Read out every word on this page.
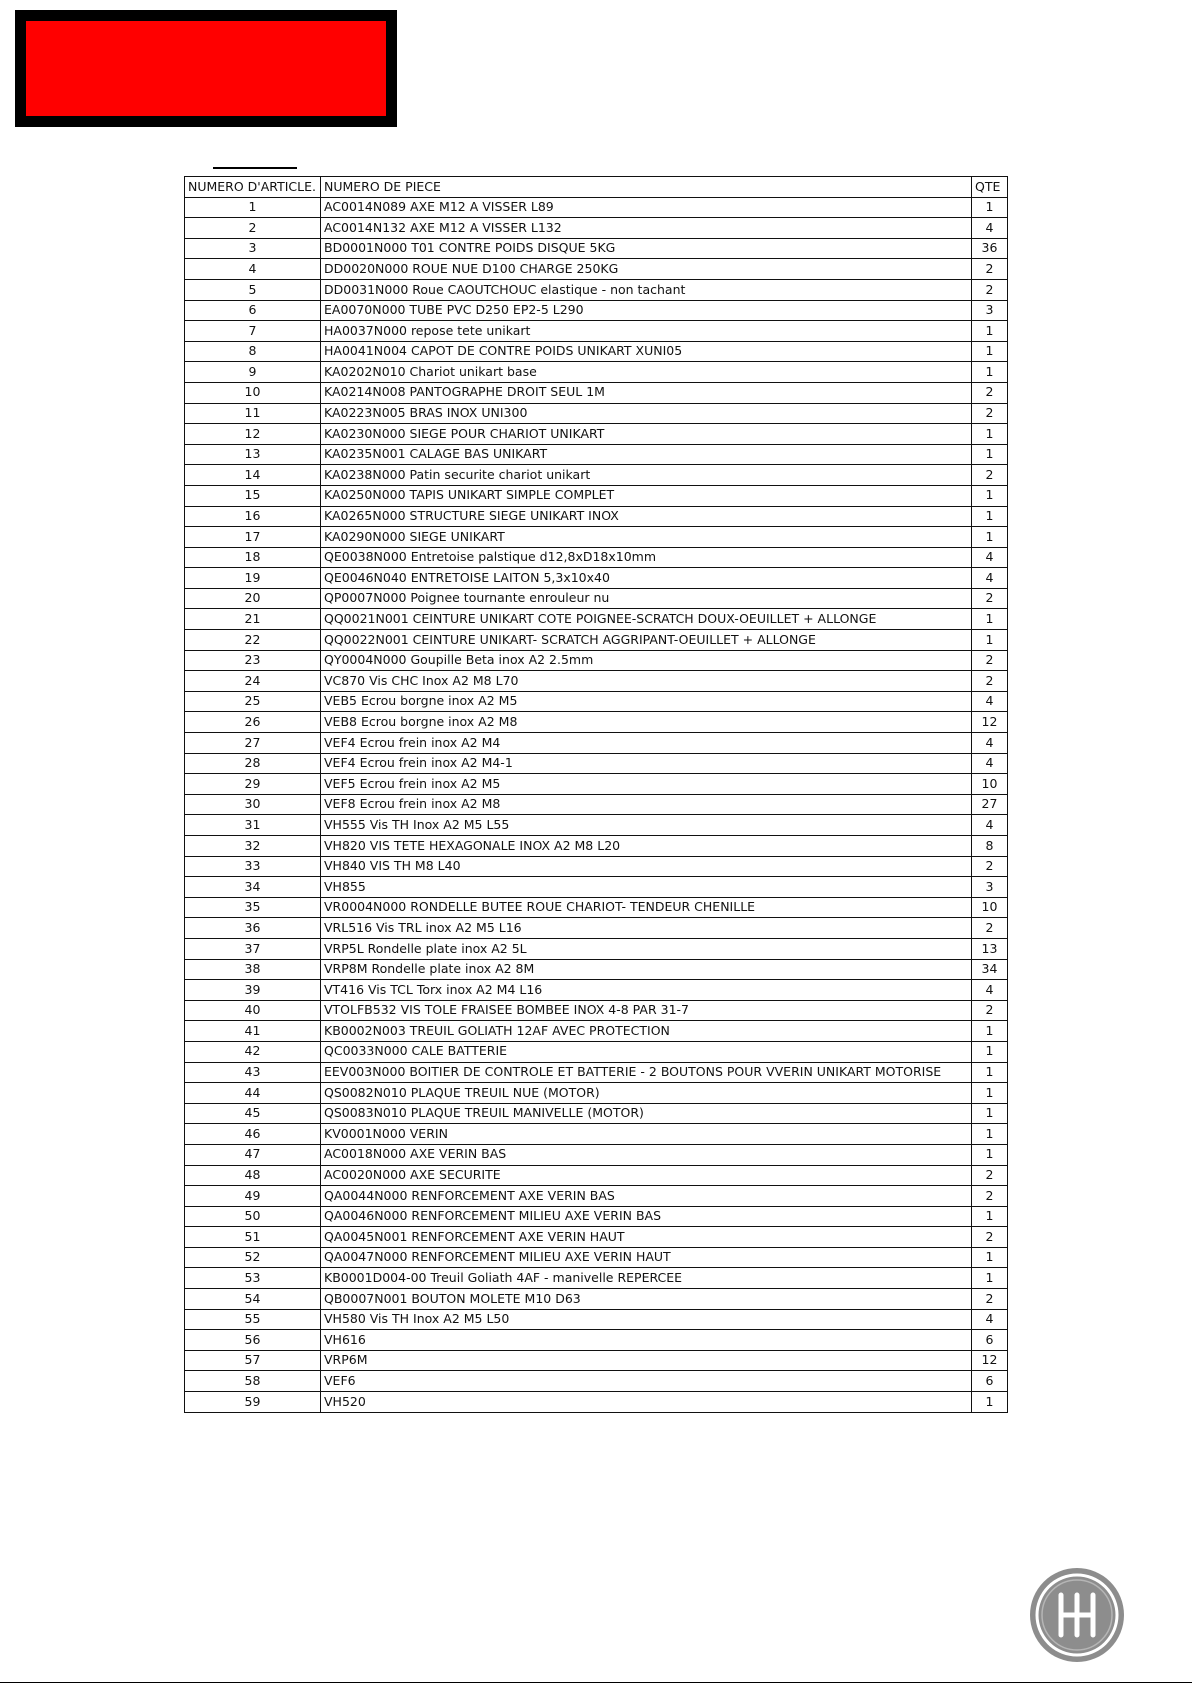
NUMERO D'ARTICLE.	NUMERO DE PIECE	QTE
1	AC0014N089 AXE M12 A VISSER L89	1
2	AC0014N132 AXE M12 A VISSER L132	4
3	BD0001N000 T01 CONTRE POIDS DISQUE 5KG	36
4	DD0020N000 ROUE NUE D100 CHARGE 250KG	2
5	DD0031N000 Roue CAOUTCHOUC elastique - non tachant	2
6	EA0070N000 TUBE PVC D250 EP2-5 L290	3
7	HA0037N000 repose tete unikart	1
8	HA0041N004 CAPOT DE CONTRE POIDS UNIKART XUNI05	1
9	KA0202N010 Chariot unikart base	1
10	KA0214N008 PANTOGRAPHE DROIT SEUL 1M	2
11	KA0223N005 BRAS INOX UNI300	2
12	KA0230N000 SIEGE POUR CHARIOT UNIKART	1
13	KA0235N001 CALAGE BAS UNIKART	1
14	KA0238N000 Patin securite chariot unikart	2
15	KA0250N000 TAPIS UNIKART SIMPLE COMPLET	1
16	KA0265N000 STRUCTURE SIEGE UNIKART INOX	1
17	KA0290N000 SIEGE UNIKART	1
18	QE0038N000 Entretoise palstique d12,8xD18x10mm	4
19	QE0046N040 ENTRETOISE LAITON 5,3x10x40	4
20	QP0007N000 Poignee tournante enrouleur nu	2
21	QQ0021N001 CEINTURE UNIKART COTE POIGNEE-SCRATCH DOUX-OEUILLET + ALLONGE	1
22	QQ0022N001 CEINTURE UNIKART- SCRATCH AGGRIPANT-OEUILLET + ALLONGE	1
23	QY0004N000 Goupille Beta inox A2 2.5mm	2
24	VC870 Vis CHC Inox A2 M8 L70	2
25	VEB5 Ecrou borgne inox A2 M5	4
26	VEB8 Ecrou borgne inox A2 M8	12
27	VEF4 Ecrou frein inox A2 M4	4
28	VEF4 Ecrou frein inox A2 M4-1	4
29	VEF5 Ecrou frein inox A2 M5	10
30	VEF8 Ecrou frein inox A2 M8	27
31	VH555 Vis TH Inox A2 M5 L55	4
32	VH820 VIS TETE HEXAGONALE INOX A2 M8 L20	8
33	VH840 VIS TH M8 L40	2
34	VH855	3
35	VR0004N000 RONDELLE BUTEE ROUE CHARIOT- TENDEUR CHENILLE	10
36	VRL516 Vis TRL inox A2 M5 L16	2
37	VRP5L Rondelle plate inox A2 5L	13
38	VRP8M Rondelle plate inox A2 8M	34
39	VT416 Vis TCL Torx inox A2 M4 L16	4
40	VTOLFB532 VIS TOLE FRAISEE BOMBEE INOX 4-8 PAR 31-7	2
41	KB0002N003 TREUIL GOLIATH 12AF AVEC PROTECTION	1
42	QC0033N000 CALE BATTERIE	1
43	EEV003N000 BOITIER DE CONTROLE ET BATTERIE - 2 BOUTONS POUR VVERIN UNIKART MOTORISE	1
44	QS0082N010 PLAQUE TREUIL NUE (MOTOR)	1
45	QS0083N010 PLAQUE TREUIL MANIVELLE (MOTOR)	1
46	KV0001N000 VERIN	1
47	AC0018N000 AXE VERIN BAS	1
48	AC0020N000 AXE SECURITE	2
49	QA0044N000 RENFORCEMENT AXE VERIN BAS	2
50	QA0046N000 RENFORCEMENT MILIEU AXE VERIN BAS	1
51	QA0045N001 RENFORCEMENT AXE VERIN HAUT	2
52	QA0047N000 RENFORCEMENT MILIEU AXE VERIN HAUT	1
53	KB0001D004-00 Treuil Goliath 4AF - manivelle REPERCEE	1
54	QB0007N001 BOUTON MOLETE M10 D63	2
55	VH580 Vis TH Inox A2 M5 L50	4
56	VH616	6
57	VRP6M	12
58	VEF6	6
59	VH520	1
